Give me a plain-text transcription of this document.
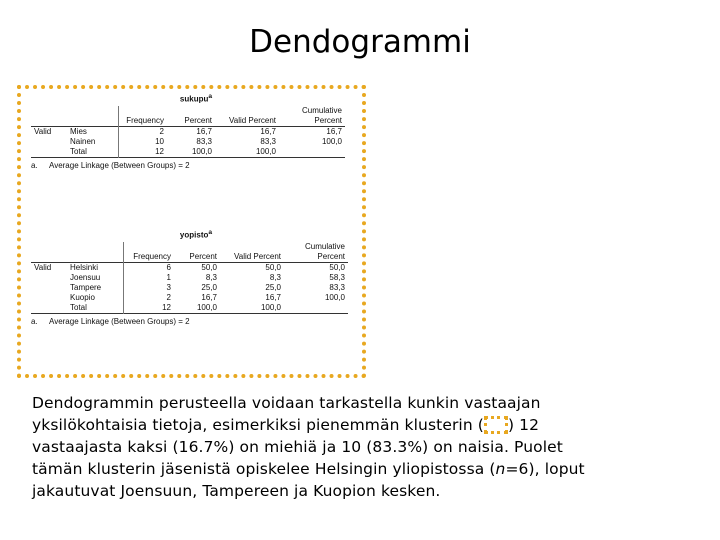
Dendogrammi
sukupu$^a$
		Frequency	Percent	Valid Percent	Cumulative Percent
Valid	Mies	2	16,7	16,7	16,7
	Nainen	10	83,3	83,3	100,0
	Total	12	100,0	100,0	
a. Average Linkage (Between Groups) = 2
yopisto$^a$
		Frequency	Percent	Valid Percent	Cumulative Percent
Valid	Helsinki	6	50,0	50,0	50,0
	Joensuu	1	8,3	8,3	58,3
	Tampere	3	25,0	25,0	83,3
	Kuopio	2	16,7	16,7	100,0
	Total	12	100,0	100,0	
a. Average Linkage (Between Groups) = 2

Dendogrammin perusteella voidaan tarkastella kunkin vastaajan

yksilökohtaisia tietoja, esimerkiksi pienemmän klusterin ( ) 12

vastaajasta kaksi (16.7%) on miehiä ja 10 (83.3%) on naisia. Puolet

tämän klusterin jäsenistä opiskelee Helsingin yliopistossa (n=6), loput

jakautuvat Joensuun, Tampereen ja Kuopion kesken.
